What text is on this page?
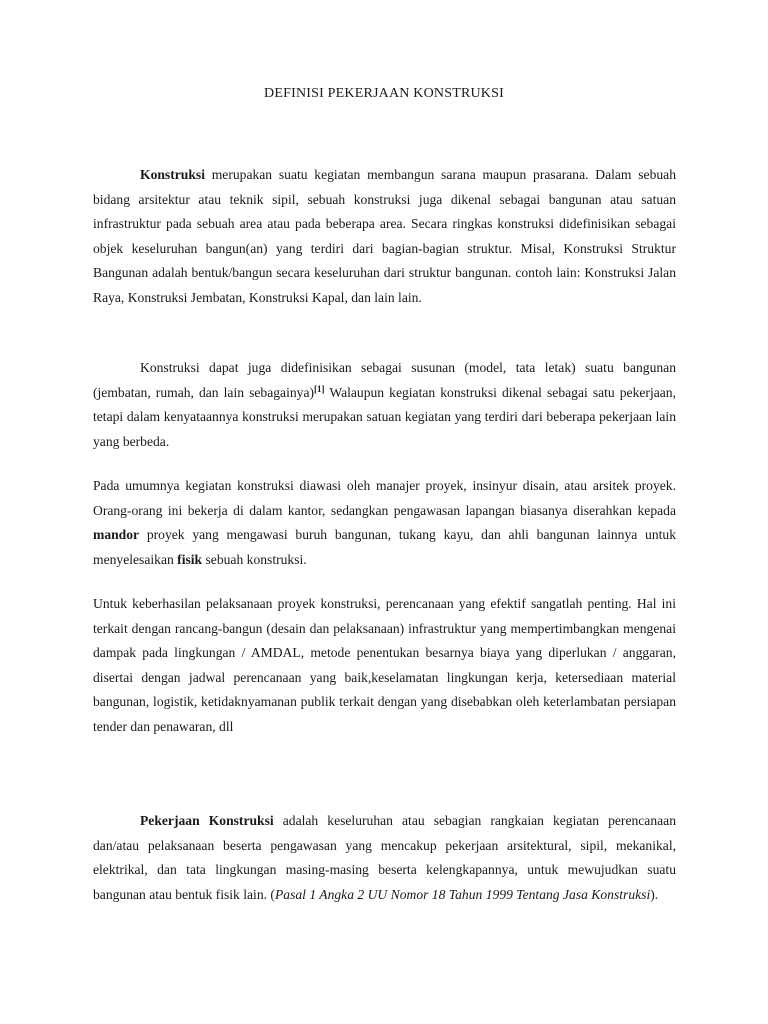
DEFINISI PEKERJAAN KONSTRUKSI

Konstruksi merupakan suatu kegiatan membangun sarana maupun prasarana. Dalam sebuah bidang arsitektur atau teknik sipil, sebuah konstruksi juga dikenal sebagai bangunan atau satuan infrastruktur pada sebuah area atau pada beberapa area. Secara ringkas konstruksi didefinisikan sebagai objek keseluruhan bangun(an) yang terdiri dari bagian-bagian struktur. Misal, Konstruksi Struktur Bangunan adalah bentuk/bangun secara keseluruhan dari struktur bangunan. contoh lain: Konstruksi Jalan Raya, Konstruksi Jembatan, Konstruksi Kapal, dan lain lain.

Konstruksi dapat juga didefinisikan sebagai susunan (model, tata letak) suatu bangunan (jembatan, rumah, dan lain sebagainya)[1] Walaupun kegiatan konstruksi dikenal sebagai satu pekerjaan, tetapi dalam kenyataannya konstruksi merupakan satuan kegiatan yang terdiri dari beberapa pekerjaan lain yang berbeda.

Pada umumnya kegiatan konstruksi diawasi oleh manajer proyek, insinyur disain, atau arsitek proyek. Orang-orang ini bekerja di dalam kantor, sedangkan pengawasan lapangan biasanya diserahkan kepada mandor proyek yang mengawasi buruh bangunan, tukang kayu, dan ahli bangunan lainnya untuk menyelesaikan fisik sebuah konstruksi.

Untuk keberhasilan pelaksanaan proyek konstruksi, perencanaan yang efektif sangatlah penting. Hal ini terkait dengan rancang-bangun (desain dan pelaksanaan) infrastruktur yang mempertimbangkan mengenai dampak pada lingkungan / AMDAL, metode penentukan besarnya biaya yang diperlukan / anggaran, disertai dengan jadwal perencanaan yang baik,keselamatan lingkungan kerja, ketersediaan material bangunan, logistik, ketidaknyamanan publik terkait dengan yang disebabkan oleh keterlambatan persiapan tender dan penawaran, dll

Pekerjaan Konstruksi adalah keseluruhan atau sebagian rangkaian kegiatan perencanaan dan/atau pelaksanaan beserta pengawasan yang mencakup pekerjaan arsitektural, sipil, mekanikal, elektrikal, dan tata lingkungan masing-masing beserta kelengkapannya, untuk mewujudkan suatu bangunan atau bentuk fisik lain. (Pasal 1 Angka 2 UU Nomor 18 Tahun 1999 Tentang Jasa Konstruksi).
